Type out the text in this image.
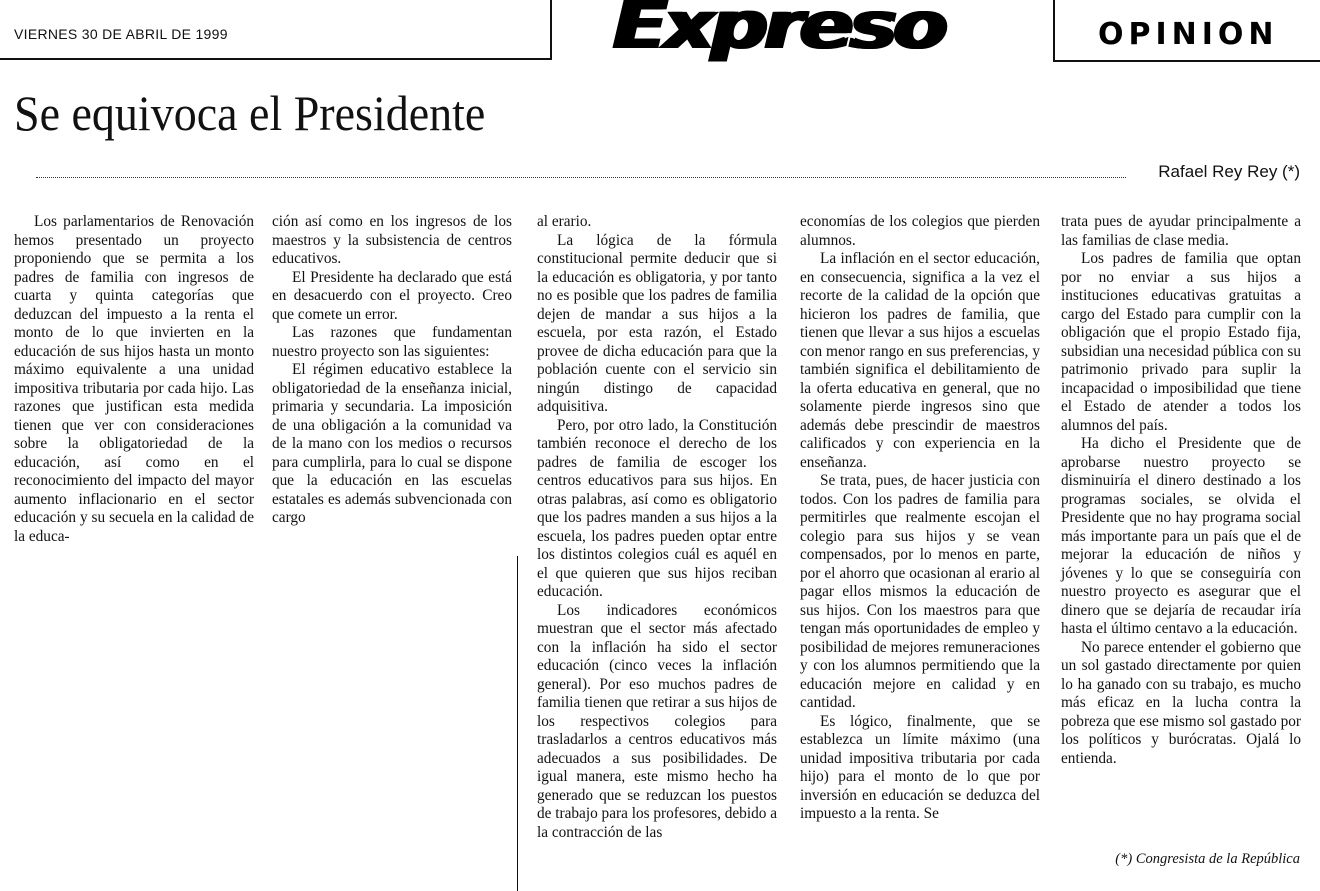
VIERNES 30 DE ABRIL DE 1999	Expreso	OPINION
Se equivoca el Presidente
Rafael Rey Rey (*)

Los parlamentarios de Renovación hemos presentado un proyecto proponiendo que se permita a los padres de familia con ingresos de cuarta y quinta categorías que deduzcan del impuesto a la renta el monto de lo que invierten en la educación de sus hijos hasta un monto máximo equivalente a una unidad impositiva tributaria por cada hijo. Las razones que justifican esta medida tienen que ver con consideraciones sobre la obligatoriedad de la educación, así como en el reconocimiento del impacto del mayor aumento inflacionario en el sector educación y su secuela en la calidad de la educa-

ción así como en los ingresos de los maestros y la subsistencia de centros educativos.

El Presidente ha declarado que está en desacuerdo con el proyecto. Creo que comete un error.

Las razones que fundamentan nuestro proyecto son las siguientes:

El régimen educativo establece la obligatoriedad de la enseñanza inicial, primaria y secundaria. La imposición de una obligación a la comunidad va de la mano con los medios o recursos para cumplirla, para lo cual se dispone que la educación en las escuelas estatales es además subvencionada con cargo

al erario.

La lógica de la fórmula constitucional permite deducir que si la educación es obligatoria, y por tanto no es posible que los padres de familia dejen de mandar a sus hijos a la escuela, por esta razón, el Estado provee de dicha educación para que la población cuente con el servicio sin ningún distingo de capacidad adquisitiva.

Pero, por otro lado, la Constitución también reconoce el derecho de los padres de familia de escoger los centros educativos para sus hijos. En otras palabras, así como es obligatorio que los padres manden a sus hijos a la escuela, los padres pueden optar entre los distintos colegios cuál es aquél en el que quieren que sus hijos reciban educación.

Los indicadores económicos muestran que el sector más afectado con la inflación ha sido el sector educación (cinco veces la inflación general). Por eso muchos padres de familia tienen que retirar a sus hijos de los respectivos colegios para trasladarlos a centros educativos más adecuados a sus posibilidades. De igual manera, este mismo hecho ha generado que se reduzcan los puestos de trabajo para los profesores, debido a la contracción de las

economías de los colegios que pierden alumnos.

La inflación en el sector educación, en consecuencia, significa a la vez el recorte de la calidad de la opción que hicieron los padres de familia, que tienen que llevar a sus hijos a escuelas con menor rango en sus preferencias, y también significa el debilitamiento de la oferta educativa en general, que no solamente pierde ingresos sino que además debe prescindir de maestros calificados y con experiencia en la enseñanza.

Se trata, pues, de hacer justicia con todos. Con los padres de familia para permitirles que realmente escojan el colegio para sus hijos y se vean compensados, por lo menos en parte, por el ahorro que ocasionan al erario al pagar ellos mismos la educación de sus hijos. Con los maestros para que tengan más oportunidades de empleo y posibilidad de mejores remuneraciones y con los alumnos permitiendo que la educación mejore en calidad y en cantidad.

Es lógico, finalmente, que se establezca un límite máximo (una unidad impositiva tributaria por cada hijo) para el monto de lo que por inversión en educación se deduzca del impuesto a la renta. Se

trata pues de ayudar principalmente a las familias de clase media.

Los padres de familia que optan por no enviar a sus hijos a instituciones educativas gratuitas a cargo del Estado para cumplir con la obligación que el propio Estado fija, subsidian una necesidad pública con su patrimonio privado para suplir la incapacidad o imposibilidad que tiene el Estado de atender a todos los alumnos del país.

Ha dicho el Presidente que de aprobarse nuestro proyecto se disminuiría el dinero destinado a los programas sociales, se olvida el Presidente que no hay programa social más importante para un país que el de mejorar la educación de niños y jóvenes y lo que se conseguiría con nuestro proyecto es asegurar que el dinero que se dejaría de recaudar iría hasta el último centavo a la educación.

No parece entender el gobierno que un sol gastado directamente por quien lo ha ganado con su trabajo, es mucho más eficaz en la lucha contra la pobreza que ese mismo sol gastado por los políticos y burócratas. Ojalá lo entienda.

(*) Congresista de la República
